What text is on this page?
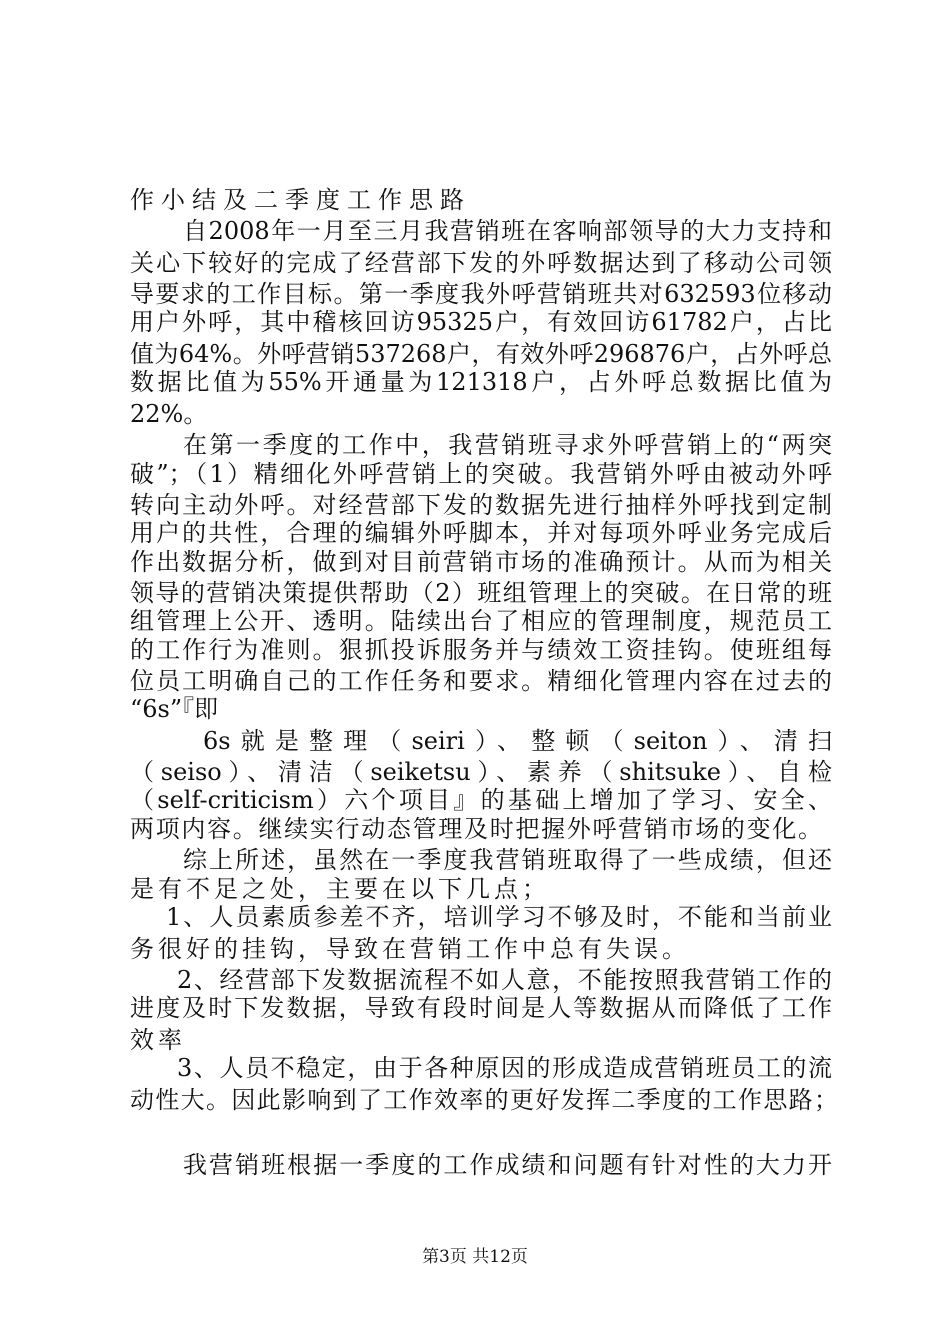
作小结及二季度工作思路
自2008年一月至三月我营销班在客响部领导的大力支持和
关心下较好的完成了经营部下发的外呼数据达到了移动公司领
导要求的工作目标。第一季度我外呼营销班共对632593位移动
用户外呼，其中稽核回访95325户，有效回访61782户，占比
值为64%。外呼营销537268户，有效外呼296876户，占外呼总
数据比值为55%开通量为121318户，占外呼总数据比值为
22%。
在第一季度的工作中，我营销班寻求外呼营销上的“两突
破”；（1）精细化外呼营销上的突破。我营销外呼由被动外呼
转向主动外呼。对经营部下发的数据先进行抽样外呼找到定制
用户的共性，合理的编辑外呼脚本，并对每项外呼业务完成后
作出数据分析，做到对目前营销市场的准确预计。从而为相关
领导的营销决策提供帮助（2）班组管理上的突破。在日常的班
组管理上公开、透明。陆续出台了相应的管理制度，规范员工
的工作行为准则。狠抓投诉服务并与绩效工资挂钩。使班组每
位员工明确自己的工作任务和要求。精细化管理内容在过去的
“6s”『即
6s就是整理（seiri）、整顿（seiton）、清扫
（seiso）、清洁（seiketsu）、素养（shitsuke）、自检
（self-criticism）六个项目』的基础上增加了学习、安全、
两项内容。继续实行动态管理及时把握外呼营销市场的变化。
综上所述，虽然在一季度我营销班取得了一些成绩，但还
是有不足之处，主要在以下几点；
1、人员素质参差不齐，培训学习不够及时，不能和当前业
务很好的挂钩，导致在营销工作中总有失误。
2、经营部下发数据流程不如人意，不能按照我营销工作的
进度及时下发数据，导致有段时间是人等数据从而降低了工作
效率
3、人员不稳定，由于各种原因的形成造成营销班员工的流
动性大。因此影响到了工作效率的更好发挥二季度的工作思路；
我营销班根据一季度的工作成绩和问题有针对性的大力开
第3页 共12页
